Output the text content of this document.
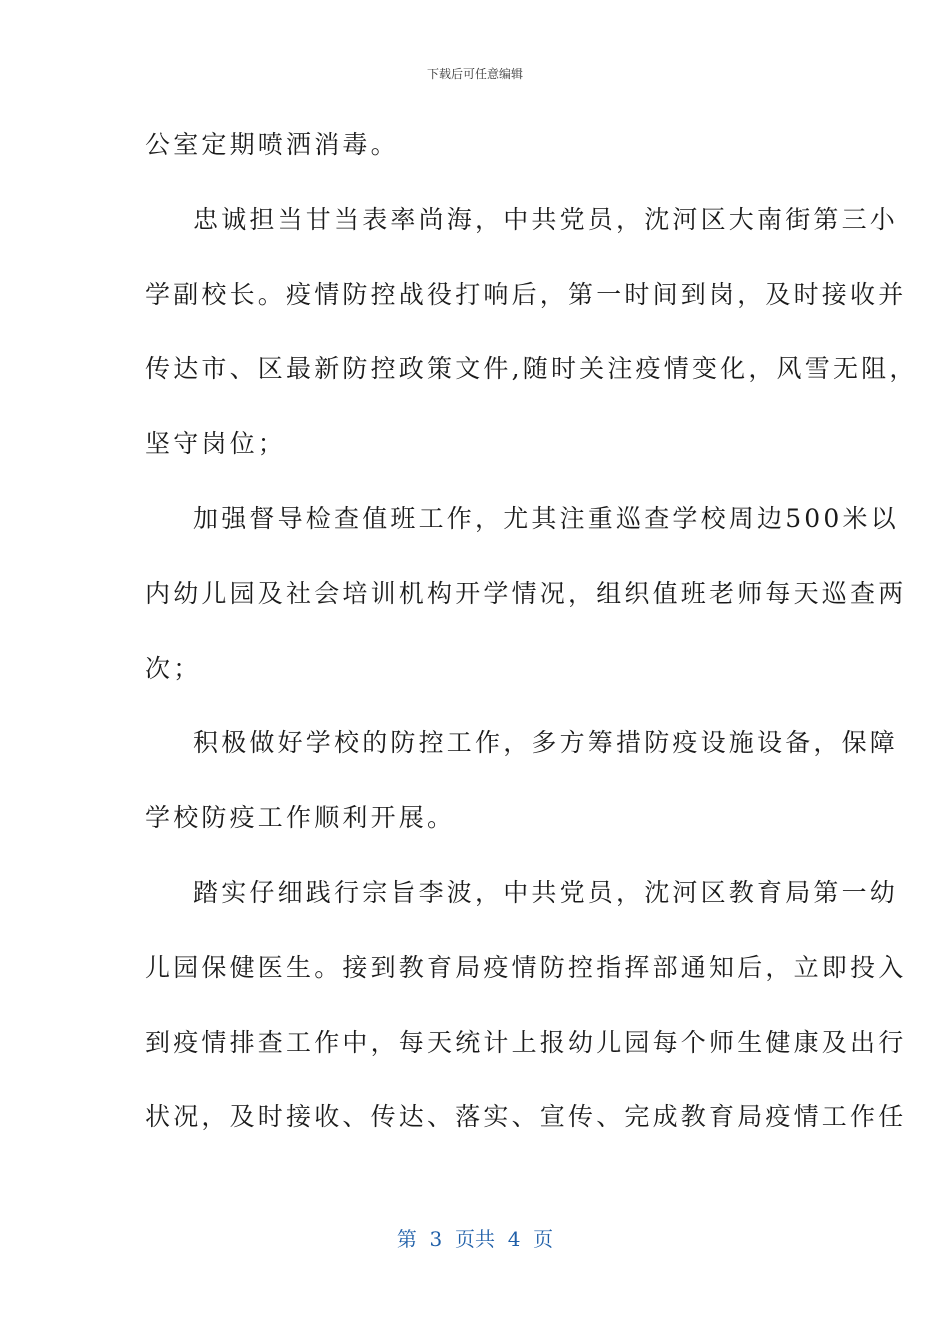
下载后可任意编辑
公室定期喷洒消毒。
忠诚担当甘当表率尚海，中共党员，沈河区大南街第三小
学副校长。疫情防控战役打响后，第一时间到岗，及时接收并
传达市、区最新防控政策文件,随时关注疫情变化，风雪无阻，
坚守岗位；
加强督导检查值班工作，尤其注重巡查学校周边500米以
内幼儿园及社会培训机构开学情况，组织值班老师每天巡查两
次；
积极做好学校的防控工作，多方筹措防疫设施设备，保障
学校防疫工作顺利开展。
踏实仔细践行宗旨李波，中共党员，沈河区教育局第一幼
儿园保健医生。接到教育局疫情防控指挥部通知后，立即投入
到疫情排查工作中，每天统计上报幼儿园每个师生健康及出行
状况，及时接收、传达、落实、宣传、完成教育局疫情工作任
第  3  页共  4  页
